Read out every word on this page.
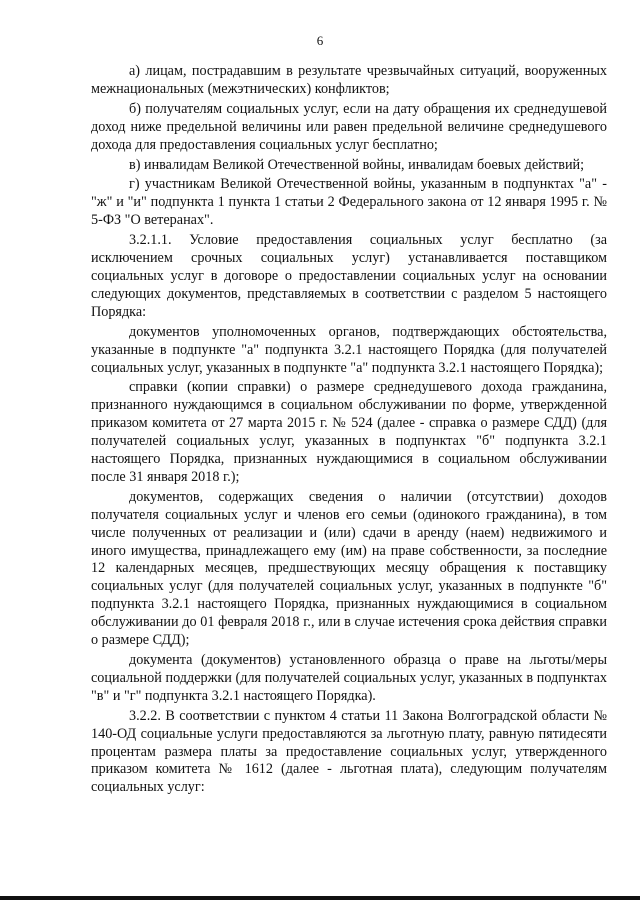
6

а) лицам, пострадавшим в результате чрезвычайных ситуаций, вооруженных межнациональных (межэтнических) конфликтов;

б) получателям социальных услуг, если на дату обращения их среднедушевой доход ниже предельной величины или равен предельной величине среднедушевого дохода для предоставления социальных услуг бесплатно;

в) инвалидам Великой Отечественной войны, инвалидам боевых действий;

г) участникам Великой Отечественной войны, указанным в подпунктах "а" - "ж" и "и" подпункта 1 пункта 1 статьи 2 Федерального закона от 12 января 1995 г. № 5-ФЗ "О ветеранах".

3.2.1.1. Условие предоставления социальных услуг бесплатно (за исключением срочных социальных услуг) устанавливается поставщиком социальных услуг в договоре о предоставлении социальных услуг на основании следующих документов, представляемых в соответствии с разделом 5 настоящего Порядка:

документов уполномоченных органов, подтверждающих обстоятельства, указанные в подпункте "а" подпункта 3.2.1 настоящего Порядка (для получателей социальных услуг, указанных в подпункте "а" подпункта 3.2.1 настоящего Порядка);

справки (копии справки) о размере среднедушевого дохода гражданина, признанного нуждающимся в социальном обслуживании по форме, утвержденной приказом комитета от 27 марта 2015 г. № 524 (далее - справка о размере СДД) (для получателей социальных услуг, указанных в подпунктах "б" подпункта 3.2.1 настоящего Порядка, признанных нуждающимися в социальном обслуживании после 31 января 2018 г.);

документов, содержащих сведения о наличии (отсутствии) доходов получателя социальных услуг и членов его семьи (одинокого гражданина), в том числе полученных от реализации и (или) сдачи в аренду (наем) недвижимого и иного имущества, принадлежащего ему (им) на праве собственности, за последние 12 календарных месяцев, предшествующих месяцу обращения к поставщику социальных услуг (для получателей социальных услуг, указанных в подпункте "б" подпункта 3.2.1 настоящего Порядка, признанных нуждающимися в социальном обслуживании до 01 февраля 2018 г., или в случае истечения срока действия справки о размере СДД);

документа (документов) установленного образца о праве на льготы/меры социальной поддержки (для получателей социальных услуг, указанных в подпунктах "в" и "г" подпункта 3.2.1 настоящего Порядка).

3.2.2. В соответствии с пунктом 4 статьи 11 Закона Волгоградской области № 140-ОД социальные услуги предоставляются за льготную плату, равную пятидесяти процентам размера платы за предоставление социальных услуг, утвержденного приказом комитета № 1612 (далее - льготная плата), следующим получателям социальных услуг:
